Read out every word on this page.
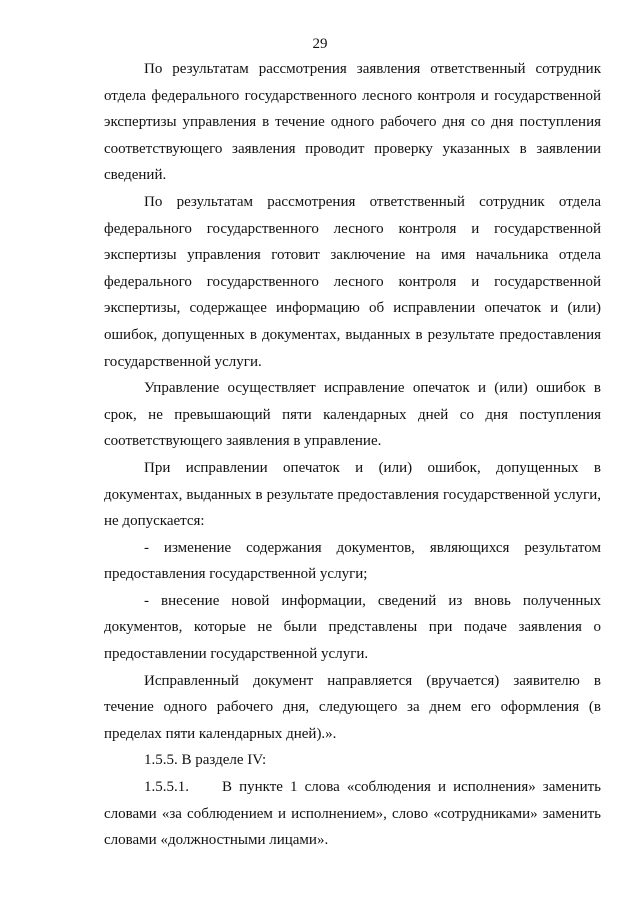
29

По результатам рассмотрения заявления ответственный сотрудник отдела федерального государственного лесного контроля и государственной экспертизы управления в течение одного рабочего дня со дня поступления соответствующего заявления проводит проверку указанных в заявлении сведений.

По результатам рассмотрения ответственный сотрудник отдела федерального государственного лесного контроля и государственной экспертизы управления готовит заключение на имя начальника отдела федерального государственного лесного контроля и государственной экспертизы, содержащее информацию об исправлении опечаток и (или) ошибок, допущенных в документах, выданных в результате предоставления государственной услуги.

Управление осуществляет исправление опечаток и (или) ошибок в срок, не превышающий пяти календарных дней со дня поступления соответствующего заявления в управление.

При исправлении опечаток и (или) ошибок, допущенных в документах, выданных в результате предоставления государственной услуги, не допускается:

- изменение содержания документов, являющихся результатом предоставления государственной услуги;

- внесение новой информации, сведений из вновь полученных документов, которые не были представлены при подаче заявления о предоставлении государственной услуги.

Исправленный документ направляется (вручается) заявителю в течение одного рабочего дня, следующего за днем его оформления (в пределах пяти календарных дней).».

1.5.5. В разделе IV:

1.5.5.1. В пункте 1 слова «соблюдения и исполнения» заменить словами «за соблюдением и исполнением», слово «сотрудниками» заменить словами «должностными лицами».
